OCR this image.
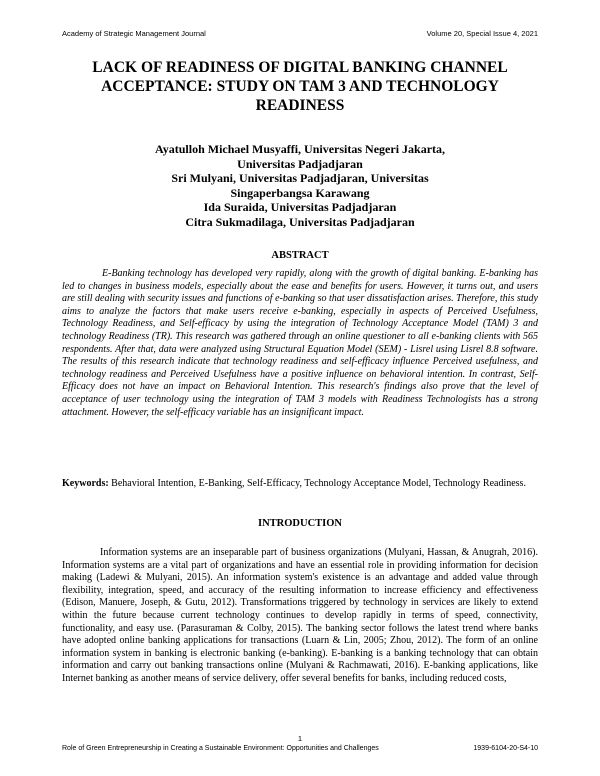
Academy of Strategic Management Journal	Volume 20, Special Issue 4, 2021
LACK OF READINESS OF DIGITAL BANKING CHANNEL ACCEPTANCE: STUDY ON TAM 3 AND TECHNOLOGY READINESS
Ayatulloh Michael Musyaffi, Universitas Negeri Jakarta,
Universitas Padjadjaran
Sri Mulyani, Universitas Padjadjaran, Universitas
Singaperbangsa Karawang
Ida Suraida, Universitas Padjadjaran
Citra Sukmadilaga, Universitas Padjadjaran
ABSTRACT

E-Banking technology has developed very rapidly, along with the growth of digital banking. E-banking has led to changes in business models, especially about the ease and benefits for users. However, it turns out, and users are still dealing with security issues and functions of e-banking so that user dissatisfaction arises. Therefore, this study aims to analyze the factors that make users receive e-banking, especially in aspects of Perceived Usefulness, Technology Readiness, and Self-efficacy by using the integration of Technology Acceptance Model (TAM) 3 and technology Readiness (TR). This research was gathered through an online questioner to all e-banking clients with 565 respondents. After that, data were analyzed using Structural Equation Model (SEM) - Lisrel using Lisrel 8.8 software. The results of this research indicate that technology readiness and self-efficacy influence Perceived usefulness, and technology readiness and Perceived Usefulness have a positive influence on behavioral intention. In contrast, Self-Efficacy does not have an impact on Behavioral Intention. This research's findings also prove that the level of acceptance of user technology using the integration of TAM 3 models with Readiness Technologists has a strong attachment. However, the self-efficacy variable has an insignificant impact.

Keywords: Behavioral Intention, E-Banking, Self-Efficacy, Technology Acceptance Model, Technology Readiness.

INTRODUCTION

Information systems are an inseparable part of business organizations (Mulyani, Hassan, & Anugrah, 2016). Information systems are a vital part of organizations and have an essential role in providing information for decision making (Ladewi & Mulyani, 2015). An information system's existence is an advantage and added value through flexibility, integration, speed, and accuracy of the resulting information to increase efficiency and effectiveness (Edison, Manuere, Joseph, & Gutu, 2012). Transformations triggered by technology in services are likely to extend within the future because current technology continues to develop rapidly in terms of speed, connectivity, functionality, and easy use. (Parasuraman & Colby, 2015). The banking sector follows the latest trend where banks have adopted online banking applications for transactions (Luarn & Lin, 2005; Zhou, 2012). The form of an online information system in banking is electronic banking (e-banking). E-banking is a banking technology that can obtain information and carry out banking transactions online (Mulyani & Rachmawati, 2016). E-banking applications, like Internet banking as another means of service delivery, offer several benefits for banks, including reduced costs,

1
Role of Green Entrepreneurship in Creating a Sustainable Environment: Opportunities and Challenges	1939-6104-20-S4-10
